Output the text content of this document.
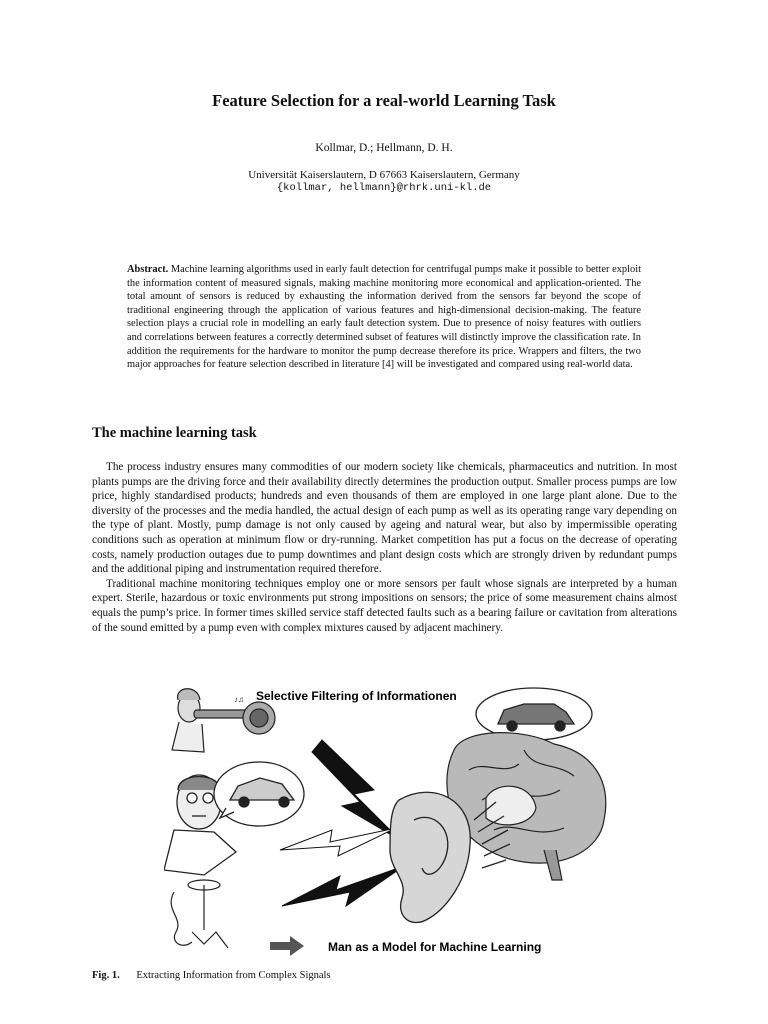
Feature Selection for a real-world Learning Task
Kollmar, D.; Hellmann, D. H.
Universität Kaiserslautern, D 67663 Kaiserslautern, Germany
{kollmar, hellmann}@rhrk.uni-kl.de
Abstract. Machine learning algorithms used in early fault detection for centrifugal pumps make it possible to better exploit the information content of measured signals, making machine monitoring more economical and application-oriented. The total amount of sensors is reduced by exhausting the information derived from the sensors far beyond the scope of traditional engineering through the application of various features and high-dimensional decision-making. The feature selection plays a crucial role in modelling an early fault detection system. Due to presence of noisy features with outliers and correlations between features a correctly determined subset of features will distinctly improve the classification rate. In addition the requirements for the hardware to monitor the pump decrease therefore its price. Wrappers and filters, the two major approaches for feature selection described in literature [4] will be investigated and compared using real-world data.
The machine learning task

The process industry ensures many commodities of our modern society like chemicals, pharmaceutics and nutrition. In most plants pumps are the driving force and their availability directly determines the production output. Smaller process pumps are low price, highly standardised products; hundreds and even thousands of them are employed in one large plant alone. Due to the diversity of the processes and the media handled, the actual design of each pump as well as its operating range vary depending on the type of plant. Mostly, pump damage is not only caused by ageing and natural wear, but also by impermissible operating conditions such as operation at minimum flow or dry-running. Market competition has put a focus on the decrease of operating costs, namely production outages due to pump downtimes and plant design costs which are strongly driven by redundant pumps and the additional piping and instrumentation required therefore.

Traditional machine monitoring techniques employ one or more sensors per fault whose signals are interpreted by a human expert. Sterile, hazardous or toxic environments put strong impositions on sensors; the price of some measurement chains almost equals the pump’s price. In former times skilled service staff detected faults such as a bearing failure or cavitation from alterations of the sound emitted by a pump even with complex mixtures caused by adjacent machinery.

Selective Filtering of Informationen
♪♫
Man as a Model for Machine Learning
Fig. 1. Extracting Information from Complex Signals
